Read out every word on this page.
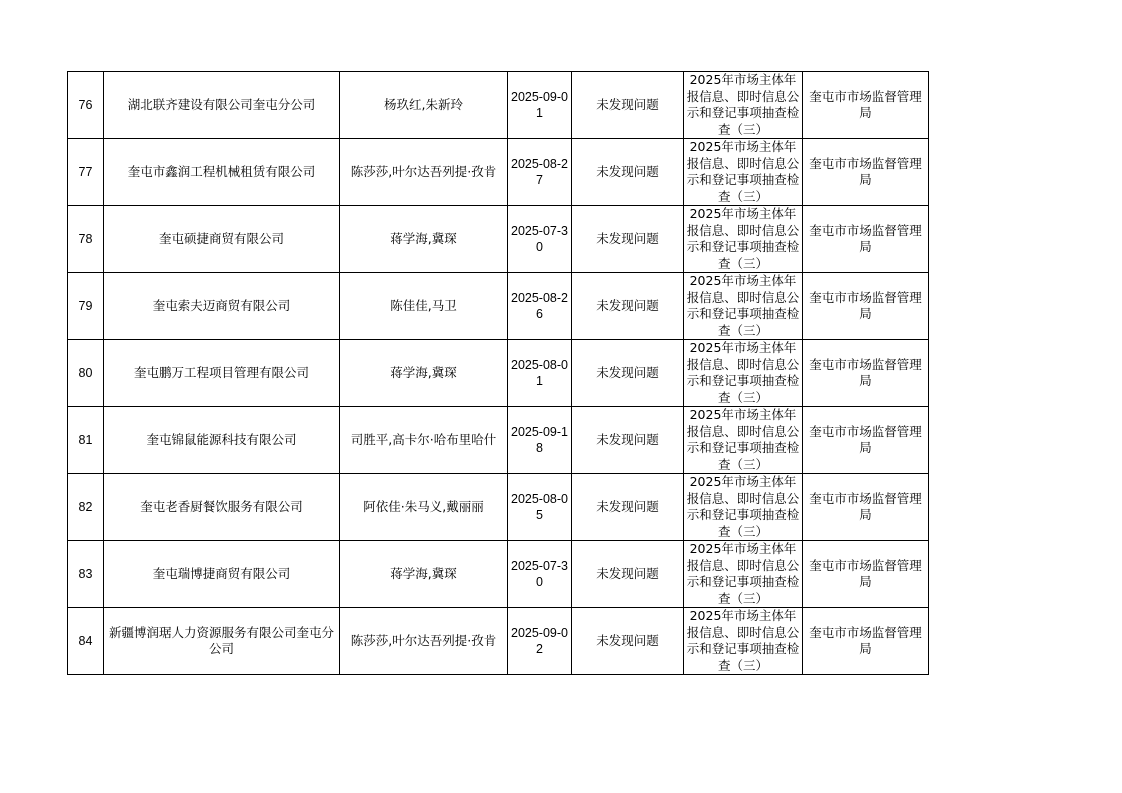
76	湖北联齐建设有限公司奎屯分公司	杨玖红,朱新玲	2025-09-01	未发现问题	2025年市场主体年报信息、即时信息公示和登记事项抽查检查（三）	奎屯市市场监督管理局
77	奎屯市鑫润工程机械租赁有限公司	陈莎莎,叶尔达吾列提·孜肯	2025-08-27	未发现问题	2025年市场主体年报信息、即时信息公示和登记事项抽查检查（三）	奎屯市市场监督管理局
78	奎屯硕捷商贸有限公司	蒋学海,冀琛	2025-07-30	未发现问题	2025年市场主体年报信息、即时信息公示和登记事项抽查检查（三）	奎屯市市场监督管理局
79	奎屯索夫迈商贸有限公司	陈佳佳,马卫	2025-08-26	未发现问题	2025年市场主体年报信息、即时信息公示和登记事项抽查检查（三）	奎屯市市场监督管理局
80	奎屯鹏万工程项目管理有限公司	蒋学海,冀琛	2025-08-01	未发现问题	2025年市场主体年报信息、即时信息公示和登记事项抽查检查（三）	奎屯市市场监督管理局
81	奎屯锦鼠能源科技有限公司	司胜平,高卡尔·哈布里哈什	2025-09-18	未发现问题	2025年市场主体年报信息、即时信息公示和登记事项抽查检查（三）	奎屯市市场监督管理局
82	奎屯老香厨餐饮服务有限公司	阿依佳·朱马义,戴丽丽	2025-08-05	未发现问题	2025年市场主体年报信息、即时信息公示和登记事项抽查检查（三）	奎屯市市场监督管理局
83	奎屯瑞博捷商贸有限公司	蒋学海,冀琛	2025-07-30	未发现问题	2025年市场主体年报信息、即时信息公示和登记事项抽查检查（三）	奎屯市市场监督管理局
84	新疆博润琚人力资源服务有限公司奎屯分公司	陈莎莎,叶尔达吾列提·孜肯	2025-09-02	未发现问题	2025年市场主体年报信息、即时信息公示和登记事项抽查检查（三）	奎屯市市场监督管理局
